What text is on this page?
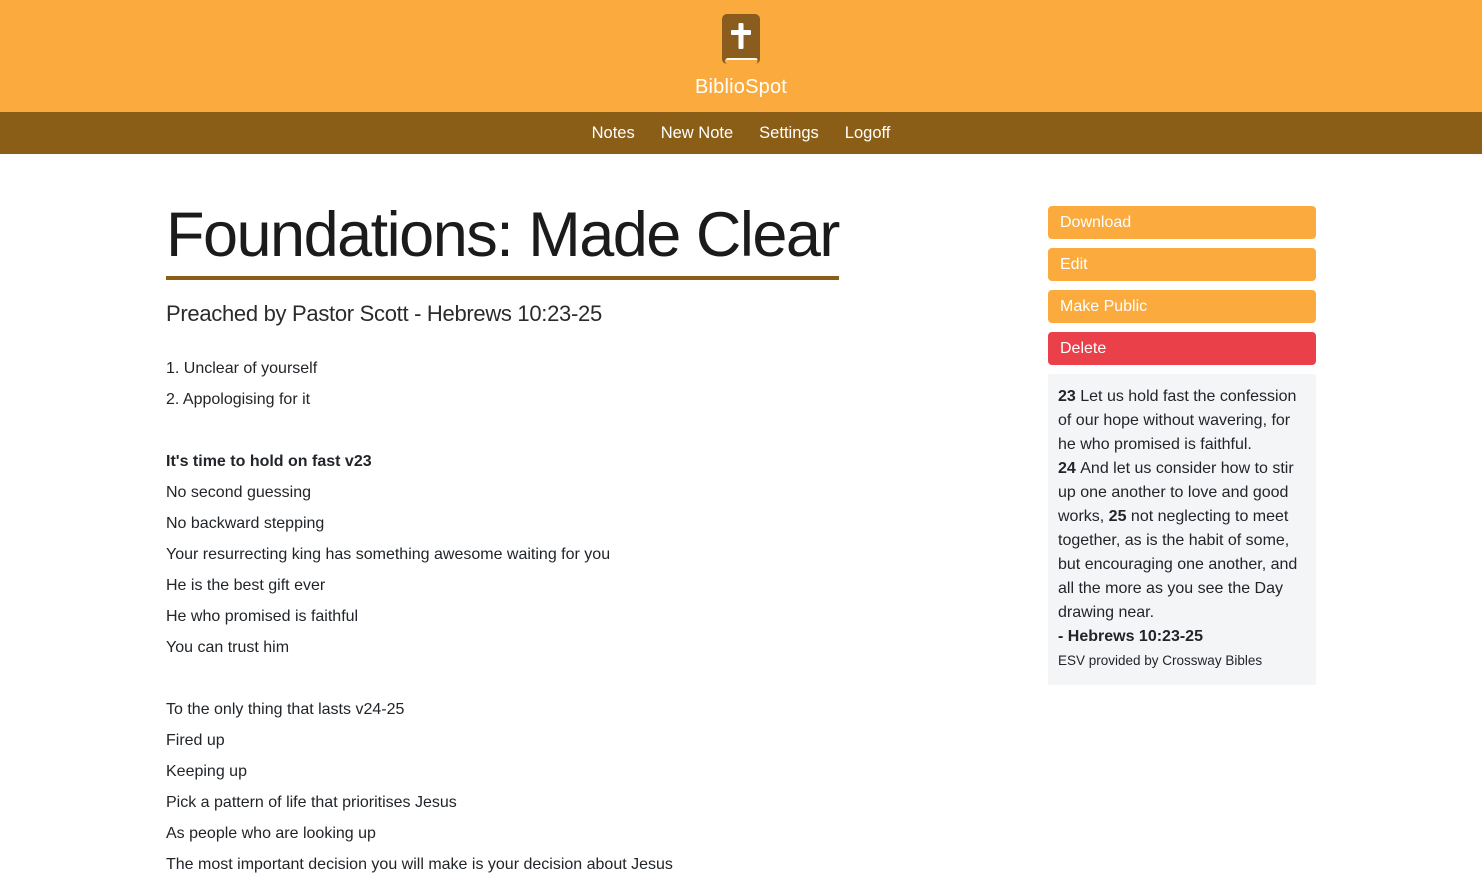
BiblioSpot
Notes New Note Settings Logoff
Foundations: Made Clear

Preached by Pastor Scott - Hebrews 10:23-25

1. Unclear of yourself
2. Appologising for it

It's time to hold on fast v23
No second guessing
No backward stepping
Your resurrecting king has something awesome waiting for you
He is the best gift ever
He who promised is faithful
You can trust him

To the only thing that lasts v24-25
Fired up
Keeping up
Pick a pattern of life that prioritises Jesus
As people who are looking up
The most important decision you will make is your decision about Jesus
Download
Edit
Make Public
Delete
23 Let us hold fast the confession of our hope without wavering, for he who promised is faithful.
24 And let us consider how to stir up one another to love and good works, 25 not neglecting to meet together, as is the habit of some, but encouraging one another, and all the more as you see the Day drawing near.
- Hebrews 10:23-25
ESV provided by Crossway Bibles
